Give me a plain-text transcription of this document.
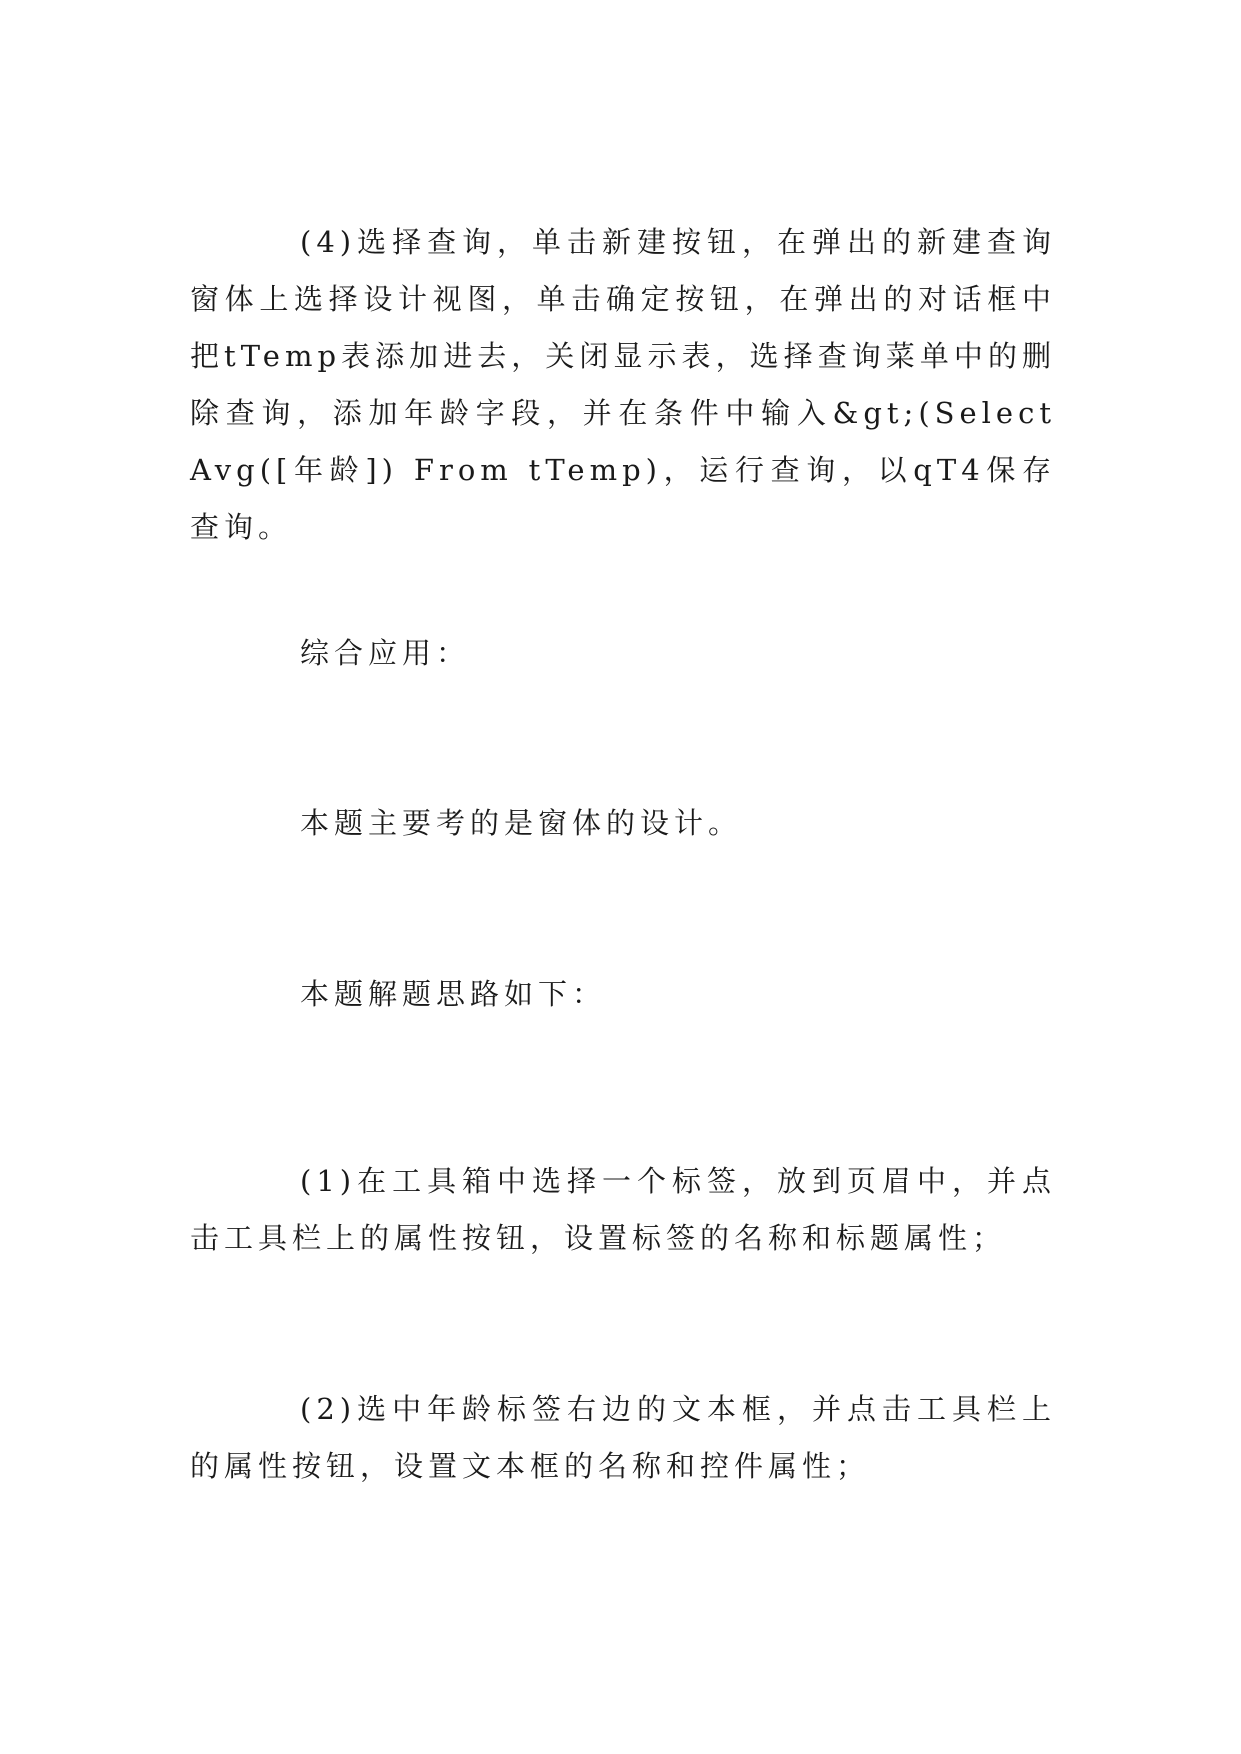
(4)选择查询，单击新建按钮，在弹出的新建查询窗体上选择设计视图，单击确定按钮，在弹出的对话框中把tTemp表添加进去，关闭显示表，选择查询菜单中的删除查询，添加年龄字段，并在条件中输入&gt;(Select Avg([年龄]) From tTemp)，运行查询，以qT4保存查询。

综合应用：

本题主要考的是窗体的设计。

本题解题思路如下：

(1)在工具箱中选择一个标签，放到页眉中，并点击工具栏上的属性按钮，设置标签的名称和标题属性；

(2)选中年龄标签右边的文本框，并点击工具栏上的属性按钮，设置文本框的名称和控件属性；
